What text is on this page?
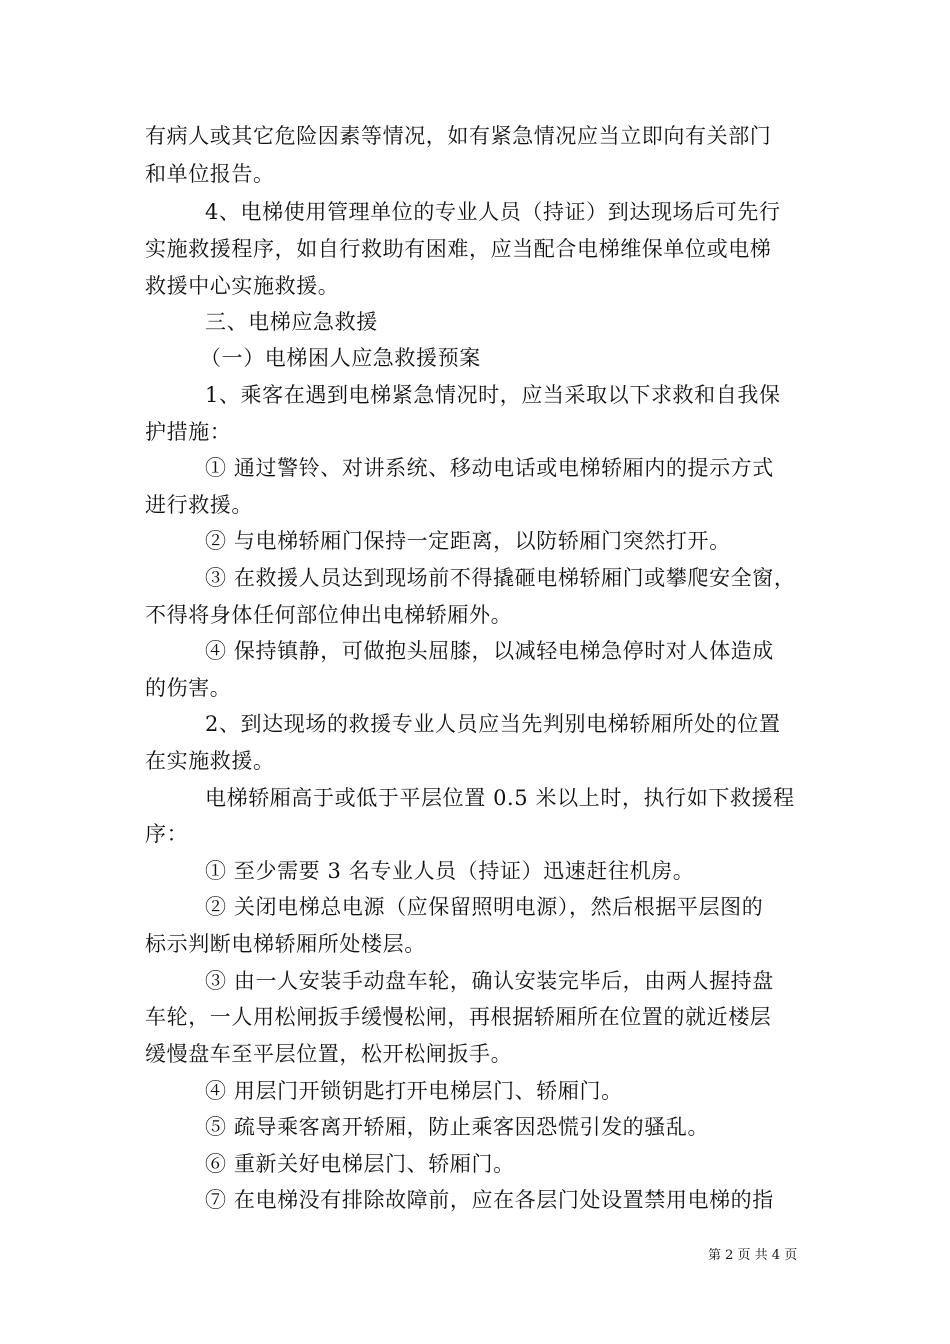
有病人或其它危险因素等情况，如有紧急情况应当立即向有关部门
和单位报告。
4、电梯使用管理单位的专业人员（持证）到达现场后可先行
实施救援程序，如自行救助有困难，应当配合电梯维保单位或电梯
救援中心实施救援。
三、电梯应急救援
（一）电梯困人应急救援预案
1、乘客在遇到电梯紧急情况时，应当采取以下求救和自我保
护措施：
① 通过警铃、对讲系统、移动电话或电梯轿厢内的提示方式
进行救援。
② 与电梯轿厢门保持一定距离，以防轿厢门突然打开。
③ 在救援人员达到现场前不得撬砸电梯轿厢门或攀爬安全窗，
不得将身体任何部位伸出电梯轿厢外。
④ 保持镇静，可做抱头屈膝，以减轻电梯急停时对人体造成
的伤害。
2、到达现场的救援专业人员应当先判别电梯轿厢所处的位置
在实施救援。
电梯轿厢高于或低于平层位置 0.5 米以上时，执行如下救援程
序：
① 至少需要 3 名专业人员（持证）迅速赶往机房。
② 关闭电梯总电源（应保留照明电源），然后根据平层图的
标示判断电梯轿厢所处楼层。
③ 由一人安装手动盘车轮，确认安装完毕后，由两人握持盘
车轮，一人用松闸扳手缓慢松闸，再根据轿厢所在位置的就近楼层
缓慢盘车至平层位置，松开松闸扳手。
④ 用层门开锁钥匙打开电梯层门、轿厢门。
⑤ 疏导乘客离开轿厢，防止乘客因恐慌引发的骚乱。
⑥ 重新关好电梯层门、轿厢门。
⑦ 在电梯没有排除故障前，应在各层门处设置禁用电梯的指
第 2 页 共 4 页
